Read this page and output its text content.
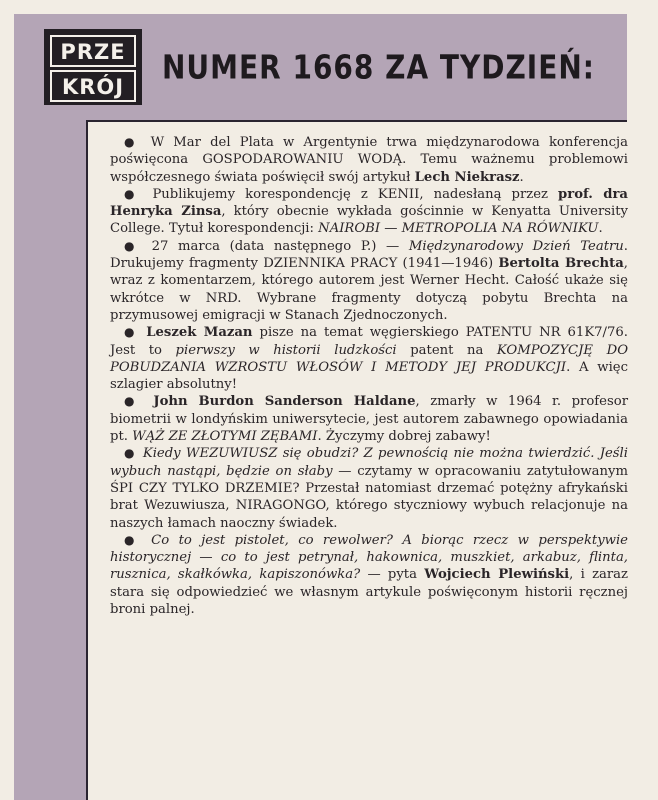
PRZE
KRÓJ
NUMER 1668 ZA TYDZIEŃ:

● W Mar del Plata w Argentynie trwa międzynarodowa konferencja poświęcona GOSPODAROWANIU WODĄ. Temu ważnemu problemowi współczesnego świata poświęcił swój artykuł Lech Niekrasz.

● Publikujemy korespondencję z KENII, nadesłaną przez prof. dra Henryka Zinsa, który obecnie wykłada gościnnie w Kenyatta University College. Tytuł korespondencji: NAIROBI — METROPOLIA NA RÓWNIKU.

● 27 marca (data następnego P.) — Międzynarodowy Dzień Teatru. Drukujemy fragmenty DZIENNIKA PRACY (1941—1946) Bertolta Brechta, wraz z komentarzem, którego autorem jest Werner Hecht. Całość ukaże się wkrótce w NRD. Wybrane fragmenty dotyczą pobytu Brechta na przymusowej emigracji w Stanach Zjednoczonych.

● Leszek Mazan pisze na temat węgierskiego PATENTU NR 61K7/76. Jest to pierwszy w historii ludzkości patent na KOMPOZYCJĘ DO POBUDZANIA WZROSTU WŁOSÓW I METODY JEJ PRODUKCJI. A więc szlagier absolutny!

● John Burdon Sanderson Haldane, zmarły w 1964 r. profesor biometrii w londyńskim uniwersytecie, jest autorem zabawnego opowiadania pt. WĄŻ ZE ZŁOTYMI ZĘBAMI. Życzymy dobrej zabawy!

● Kiedy WEZUWIUSZ się obudzi? Z pewnością nie można twierdzić. Jeśli wybuch nastąpi, będzie on słaby — czytamy w opracowaniu zatytułowanym ŚPI CZY TYLKO DRZEMIE? Przestał natomiast drzemać potężny afrykański brat Wezuwiusza, NIRAGONGO, którego styczniowy wybuch relacjonuje na naszych łamach naoczny świadek.

● Co to jest pistolet, co rewolwer? A biorąc rzecz w perspektywie historycznej — co to jest petrynał, hakownica, muszkiet, arkabuz, flinta, rusznica, skałkówka, kapiszonówka? — pyta Wojciech Plewiński, i zaraz stara się odpowiedzieć we własnym artykule poświęconym historii ręcznej broni palnej.
